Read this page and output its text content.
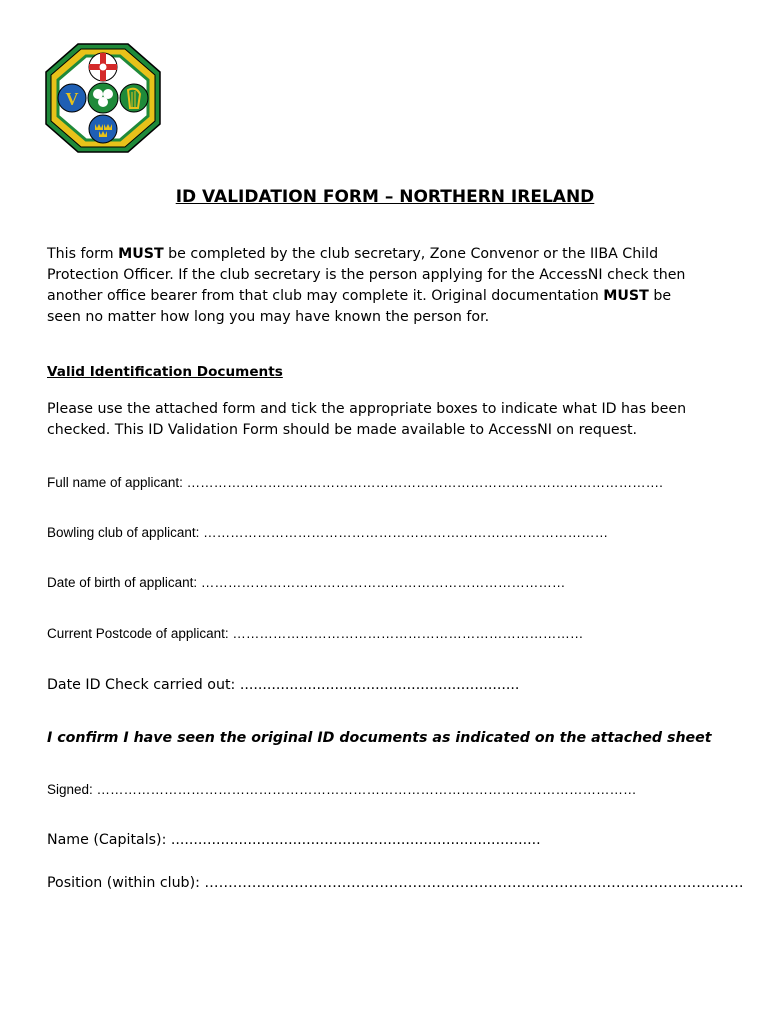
V
ID VALIDATION FORM – NORTHERN IRELAND
This form MUST be completed by the club secretary, Zone Convenor or the IIBA Child
Protection Officer. If the club secretary is the person applying for the AccessNI check then
another office bearer from that club may complete it. Original documentation MUST be
seen no matter how long you may have known the person for.
Valid Identification Documents
Please use the attached form and tick the appropriate boxes to indicate what ID has been
checked. This ID Validation Form should be made available to AccessNI on request.
Full name of applicant: …………………………………………………………………………………………….
Bowling club of applicant: ………………………………………………………………………………
Date of birth of applicant: ………………………………………………………………………
Current Postcode of applicant: ……………………………………………………………………
Date ID Check carried out: ..............................................................
I confirm I have seen the original ID documents as indicated on the attached sheet
Signed: …………………………………………………………………………………………………………
Name (Capitals): ..................................................................................
Position (within club): ……………………………………………………………………………………………………
